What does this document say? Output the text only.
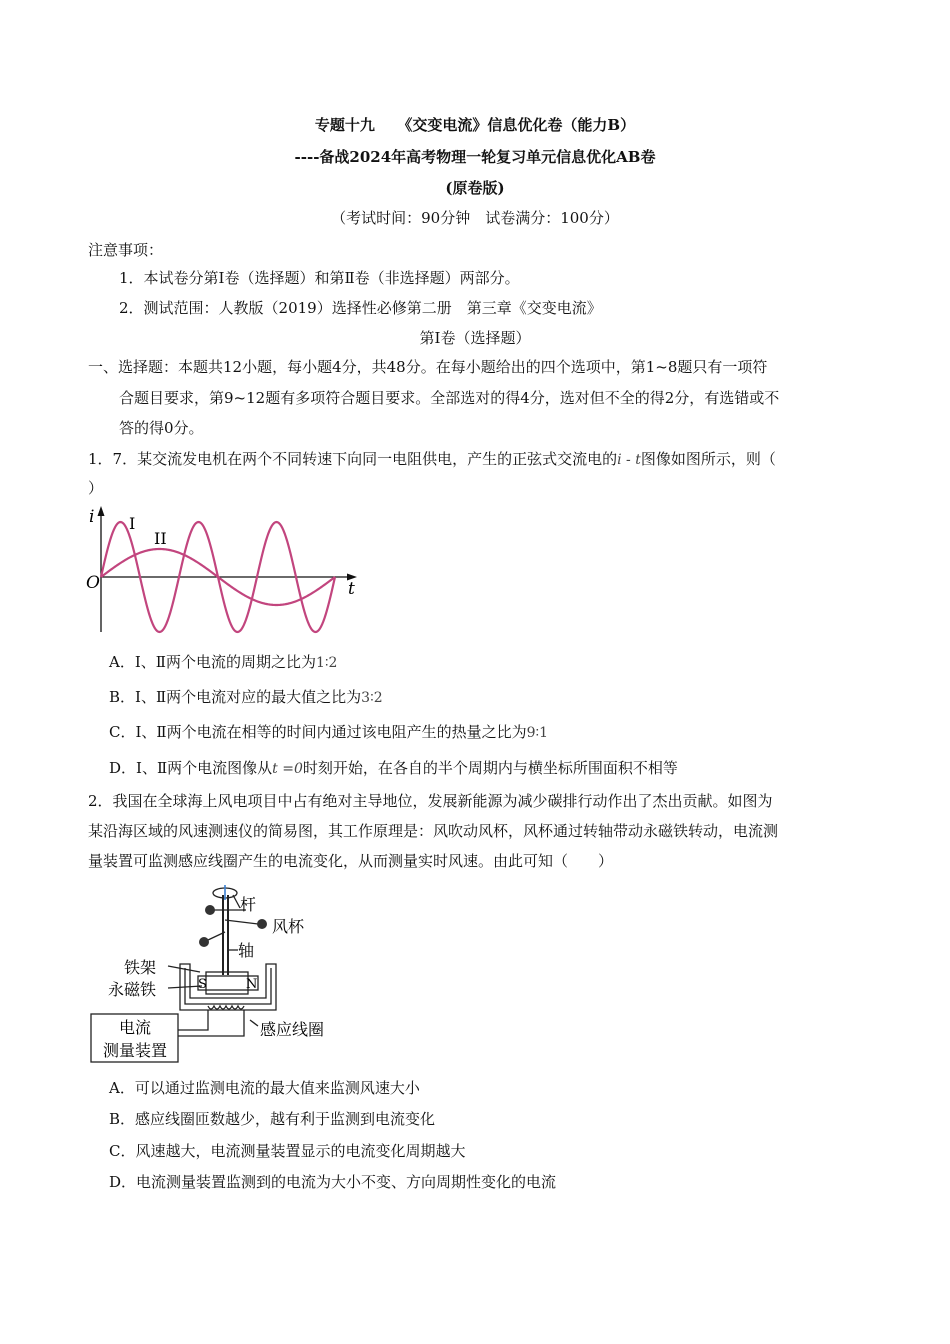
专题十九　　《交变电流》信息优化卷（能力B）
----备战2024年高考物理一轮复习单元信息优化AB卷
(原卷版)
（考试时间：90分钟　试卷满分：100分）
注意事项：
1．本试卷分第Ⅰ卷（选择题）和第Ⅱ卷（非选择题）两部分。
2．测试范围：人教版（2019）选择性必修第二册　第三章《交变电流》
第Ⅰ卷（选择题）
一、选择题：本题共12小题，每小题4分，共48分。在每小题给出的四个选项中，第1~8题只有一项符
合题目要求，第9~12题有多项符合题目要求。全部选对的得4分，选对但不全的得2分，有选错或不
答的得0分。
1．7．某交流发电机在两个不同转速下向同一电阻供电，产生的正弦式交流电的i - t图像如图所示，则（
）
i
t
O
I
II
A．Ⅰ、Ⅱ两个电流的周期之比为1∶2
B．Ⅰ、Ⅱ两个电流对应的最大值之比为3∶2
C．Ⅰ、Ⅱ两个电流在相等的时间内通过该电阻产生的热量之比为9∶1
D．Ⅰ、Ⅱ两个电流图像从t =0时刻开始，在各自的半个周期内与横坐标所围面积不相等
2．我国在全球海上风电项目中占有绝对主导地位，发展新能源为减少碳排行动作出了杰出贡献。如图为
某沿海区域的风速测速仪的简易图，其工作原理是：风吹动风杯，风杯通过转轴带动永磁铁转动，电流测
量装置可监测感应线圈产生的电流变化，从而测量实时风速。由此可知（　　）
杆
风杯
轴
铁架
永磁铁	S	N
感应线圈
电流
测量装置
A．可以通过监测电流的最大值来监测风速大小
B．感应线圈匝数越少，越有利于监测到电流变化
C．风速越大，电流测量装置显示的电流变化周期越大
D．电流测量装置监测到的电流为大小不变、方向周期性变化的电流
